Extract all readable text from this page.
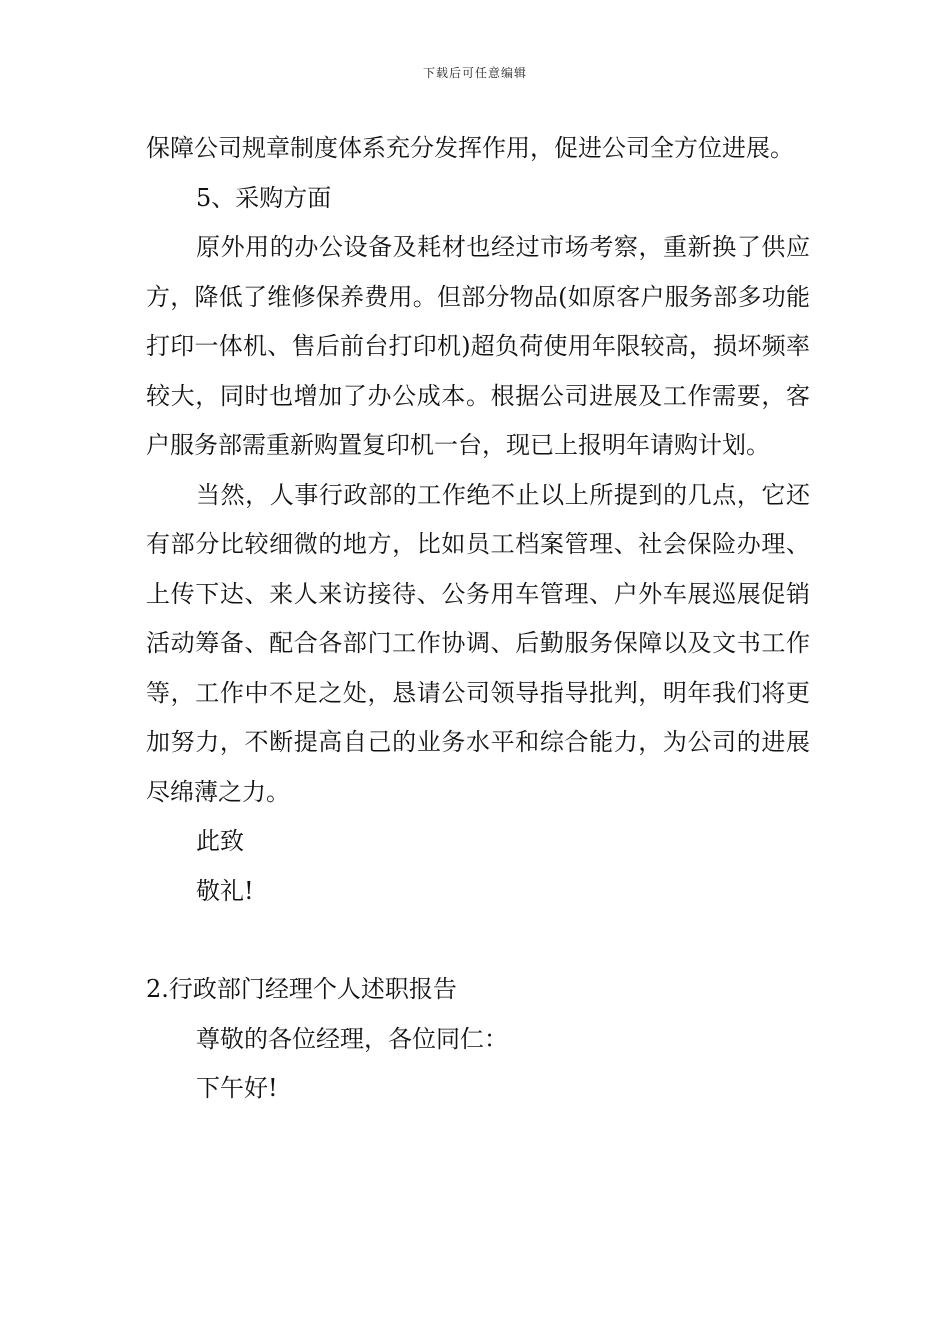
下载后可任意编辑

保障公司规章制度体系充分发挥作用，促进公司全方位进展。

5、采购方面

原外用的办公设备及耗材也经过市场考察，重新换了供应方，降低了维修保养费用。但部分物品(如原客户服务部多功能打印一体机、售后前台打印机)超负荷使用年限较高，损坏频率较大，同时也增加了办公成本。根据公司进展及工作需要，客户服务部需重新购置复印机一台，现已上报明年请购计划。

当然，人事行政部的工作绝不止以上所提到的几点，它还有部分比较细微的地方，比如员工档案管理、社会保险办理、上传下达、来人来访接待、公务用车管理、户外车展巡展促销活动筹备、配合各部门工作协调、后勤服务保障以及文书工作等，工作中不足之处，恳请公司领导指导批判，明年我们将更加努力，不断提高自己的业务水平和综合能力，为公司的进展尽绵薄之力。

此致

敬礼!

2.行政部门经理个人述职报告

尊敬的各位经理，各位同仁：

下午好!
